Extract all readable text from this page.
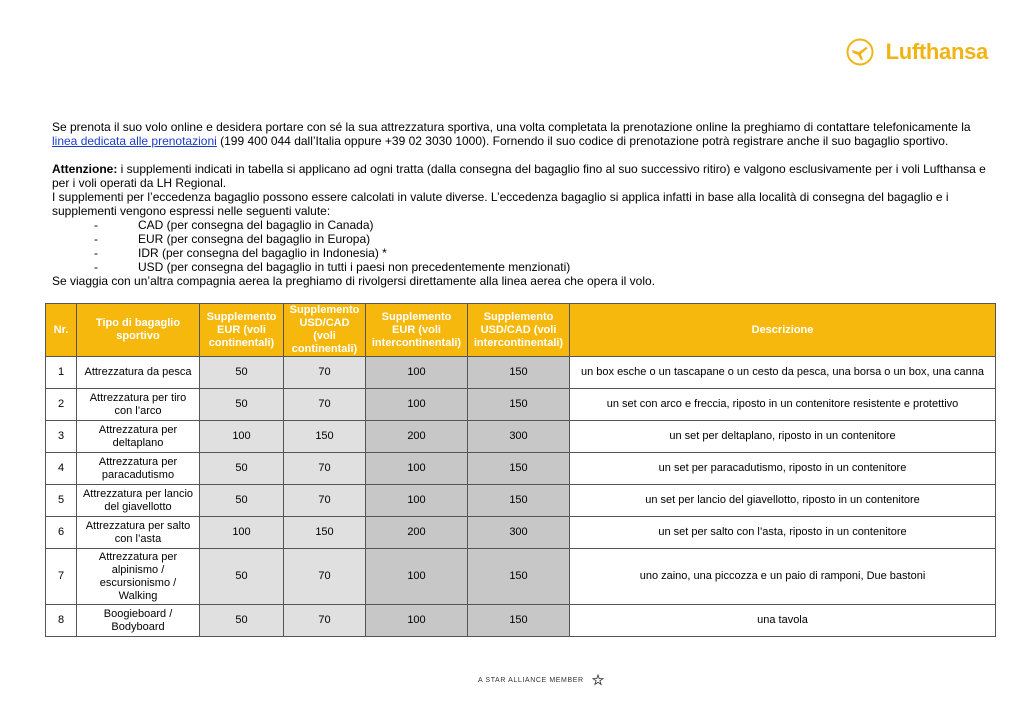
Lufthansa

Se prenota il suo volo online e desidera portare con sé la sua attrezzatura sportiva, una volta completata la prenotazione online la preghiamo di contattare telefonicamente la
linea dedicata alle prenotazioni (199 400 044 dall’Italia oppure +39 02 3030 1000). Fornendo il suo codice di prenotazione potrà registrare anche il suo bagaglio sportivo.

Attenzione: i supplementi indicati in tabella si applicano ad ogni tratta (dalla consegna del bagaglio fino al suo successivo ritiro) e valgono esclusivamente per i voli Lufthansa e per i voli operati da LH Regional.

I supplementi per l’eccedenza bagaglio possono essere calcolati in valute diverse. L’eccedenza bagaglio si applica infatti in base alla località di consegna del bagaglio e i supplementi vengono espressi nelle seguenti valute:

-	CAD (per consegna del bagaglio in Canada)
-	EUR (per consegna del bagaglio in Europa)
-	IDR (per consegna del bagaglio in Indonesia) *
-	USD (per consegna del bagaglio in tutti i paesi non precedentemente menzionati)

Se viaggia con un’altra compagnia aerea la preghiamo di rivolgersi direttamente alla linea aerea che opera il volo.

Nr.	Tipo di bagaglio sportivo	Supplemento EUR (voli continentali)	Supplemento USD/CAD (voli continentali)	Supplemento EUR (voli intercontinentali)	Supplemento USD/CAD (voli intercontinentali)	Descrizione
1	Attrezzatura da pesca	50	70	100	150	un box esche o un tascapane o un cesto da pesca, una borsa o un box, una canna
2	Attrezzatura per tiro con l’arco	50	70	100	150	un set con arco e freccia, riposto in un contenitore resistente e protettivo
3	Attrezzatura per deltaplano	100	150	200	300	un set per deltaplano, riposto in un contenitore
4	Attrezzatura per paracadutismo	50	70	100	150	un set per paracadutismo, riposto in un contenitore
5	Attrezzatura per lancio del giavellotto	50	70	100	150	un set per lancio del giavellotto, riposto in un contenitore
6	Attrezzatura per salto con l’asta	100	150	200	300	un set per salto con l’asta, riposto in un contenitore
7	Attrezzatura per alpinismo / escursionismo / Walking	50	70	100	150	uno zaino, una piccozza e un paio di ramponi, Due bastoni
8	Boogieboard / Bodyboard	50	70	100	150	una tavola
A STAR ALLIANCE MEMBER
